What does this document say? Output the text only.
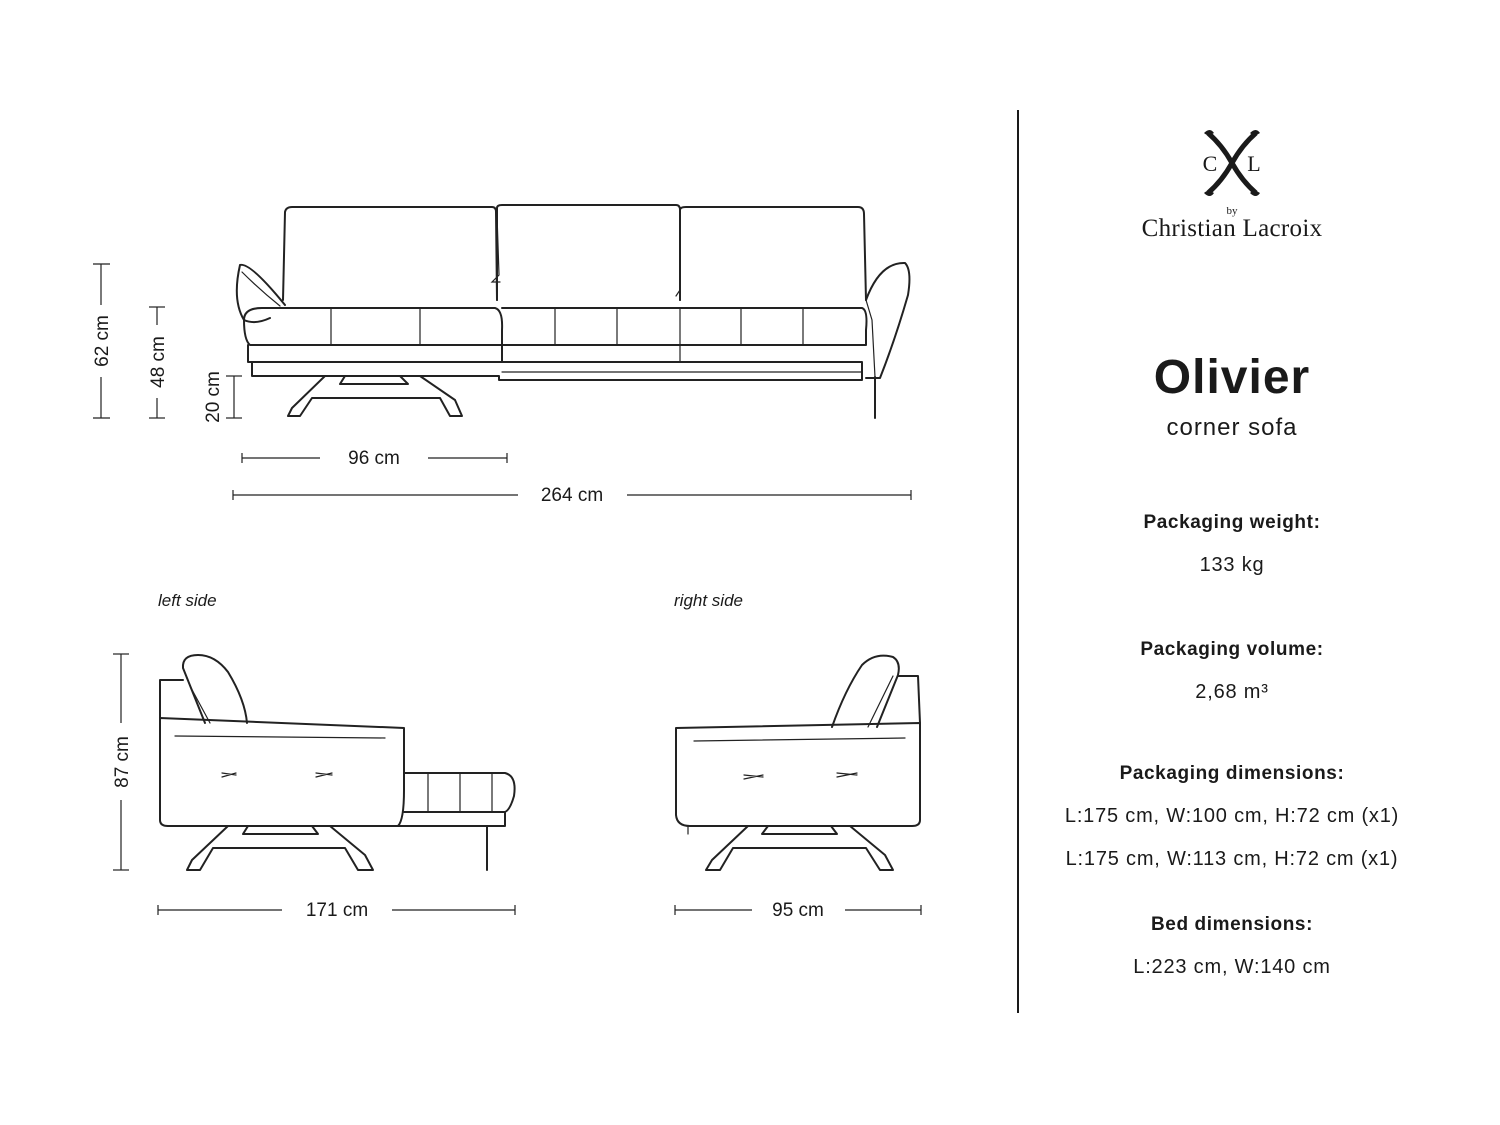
62 cm 48 cm
20 cm
96 cm
264 cm
left side
87 cm
171 cm
right side
95 cm
C L
by
Christian Lacroix
Olivier
corner sofa
Packaging weight:
133 kg
Packaging volume:
2,68 m³
Packaging dimensions:
L:175 cm, W:100 cm, H:72 cm (x1)
L:175 cm, W:113 cm, H:72 cm (x1)
Bed dimensions:
L:223 cm, W:140 cm
